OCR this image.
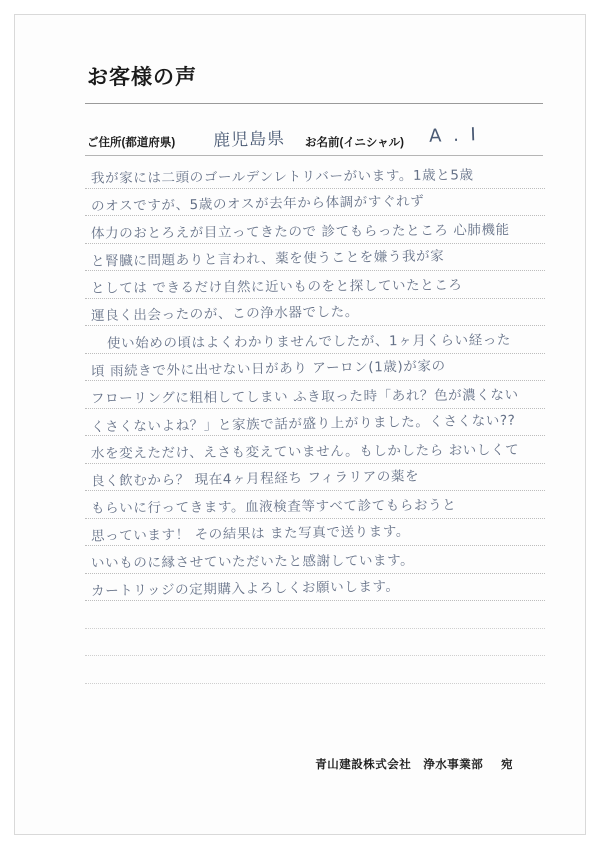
お客様の声
ご住所(都道府県) 鹿児島県 お名前(イニシャル) A . I
我が家には二頭のゴールデンレトリバーがいます。1歳と5歳
のオスですが、5歳のオスが去年から体調がすぐれず
体力のおとろえが目立ってきたので 診てもらったところ 心肺機能
と腎臓に問題ありと言われ、薬を使うことを嫌う我が家
としては できるだけ自然に近いものをと探していたところ
運良く出会ったのが、この浄水器でした。
使い始めの頃はよくわかりませんでしたが、1ヶ月くらい経った
頃 雨続きで外に出せない日があり アーロン(1歳)が家の
フローリングに粗相してしまい ふき取った時「あれ？色が濃くない
くさくないよね？」と家族で話が盛り上がりました。くさくない??
水を変えただけ、えさも変えていません。もしかしたら おいしくて
良く飲むから？ 現在4ヶ月程経ち フィラリアの薬を
もらいに行ってきます。血液検査等すべて診てもらおうと
思っています！ その結果は また写真で送ります。
いいものに縁させていただいたと感謝しています。
カートリッジの定期購入よろしくお願いします。
青山建設株式会社　浄水事業部 宛
